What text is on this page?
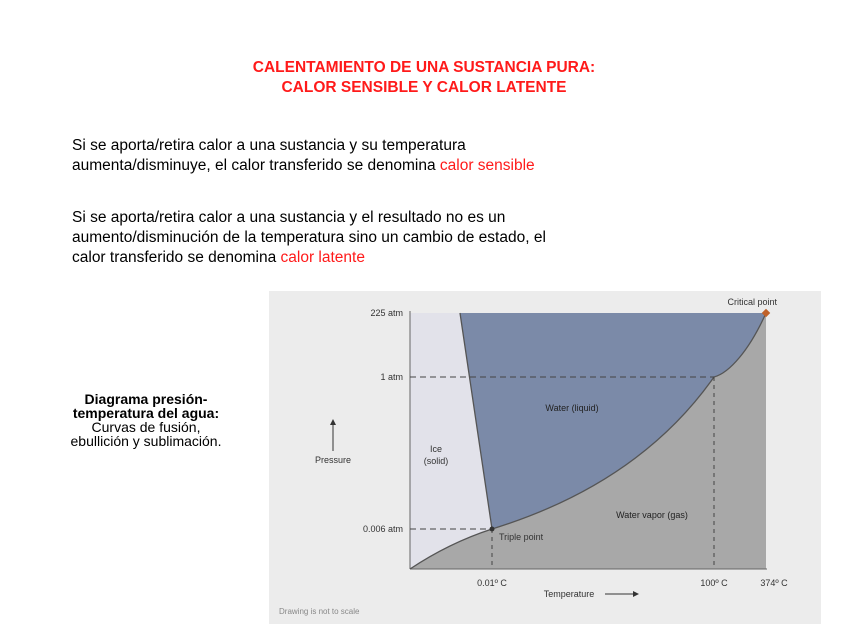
CALENTAMIENTO DE UNA SUSTANCIA PURA:
CALOR SENSIBLE Y CALOR LATENTE
Si se aporta/retira calor a una sustancia y su temperatura
aumenta/disminuye, el calor transferido se denomina calor sensible
Si se aporta/retira calor a una sustancia y el resultado no es un
aumento/disminución de la temperatura sino un cambio de estado, el
calor transferido se denomina calor latente
Diagrama presión-
temperatura del agua:
Curvas de fusión,
ebullición y sublimación.
225 atm
1 atm
0.006 atm
0.01º C	100º C	374º C
Pressure
Temperature
Ice
(solid)
Water (liquid)
Water vapor (gas)
Critical point
Triple point
Drawing is not to scale
